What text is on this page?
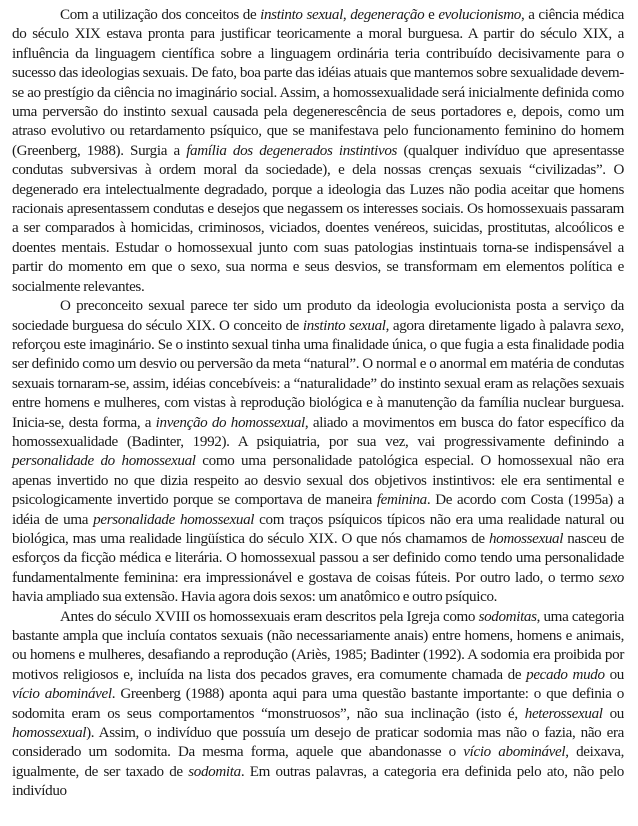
Com a utilização dos conceitos de instinto sexual, degeneração e evolucionismo, a ciência médica do século XIX estava pronta para justificar teoricamente a moral burguesa. A partir do século XIX, a influência da linguagem científica sobre a linguagem ordinária teria contribuído decisivamente para o sucesso das ideologias sexuais. De fato, boa parte das idéias atuais que mantemos sobre sexualidade devem-se ao prestígio da ciência no imaginário social. Assim, a homossexualidade será inicialmente definida como uma perversão do instinto sexual causada pela degenerescência de seus portadores e, depois, como um atraso evolutivo ou retardamento psíquico, que se manifestava pelo funcionamento feminino do homem (Greenberg, 1988). Surgia a família dos degenerados instintivos (qualquer indivíduo que apresentasse condutas subversivas à ordem moral da sociedade), e dela nossas crenças sexuais “civilizadas”. O degenerado era intelectualmente degradado, porque a ideologia das Luzes não podia aceitar que homens racionais apresentassem condutas e desejos que negassem os interesses sociais. Os homossexuais passaram a ser comparados à homicidas, criminosos, viciados, doentes venéreos, suicidas, prostitutas, alcoólicos e doentes mentais. Estudar o homossexual junto com suas patologias instintuais torna-se indispensável a partir do momento em que o sexo, sua norma e seus desvios, se transformam em elementos política e socialmente relevantes.

O preconceito sexual parece ter sido um produto da ideologia evolucionista posta a serviço da sociedade burguesa do século XIX. O conceito de instinto sexual, agora diretamente ligado à palavra sexo, reforçou este imaginário. Se o instinto sexual tinha uma finalidade única, o que fugia a esta finalidade podia ser definido como um desvio ou perversão da meta “natural”. O normal e o anormal em matéria de condutas sexuais tornaram-se, assim, idéias concebíveis: a “naturalidade” do instinto sexual eram as relações sexuais entre homens e mulheres, com vistas à reprodução biológica e à manutenção da família nuclear burguesa. Inicia-se, desta forma, a invenção do homossexual, aliado a movimentos em busca do fator específico da homossexualidade (Badinter, 1992). A psiquiatria, por sua vez, vai progressivamente definindo a personalidade do homossexual como uma personalidade patológica especial. O homossexual não era apenas invertido no que dizia respeito ao desvio sexual dos objetivos instintivos: ele era sentimental e psicologicamente invertido porque se comportava de maneira feminina. De acordo com Costa (1995a) a idéia de uma personalidade homossexual com traços psíquicos típicos não era uma realidade natural ou biológica, mas uma realidade lingüística do século XIX. O que nós chamamos de homossexual nasceu de esforços da ficção médica e literária. O homossexual passou a ser definido como tendo uma personalidade fundamentalmente feminina: era impressionável e gostava de coisas fúteis. Por outro lado, o termo sexo havia ampliado sua extensão. Havia agora dois sexos: um anatômico e outro psíquico.

Antes do século XVIII os homossexuais eram descritos pela Igreja como sodomitas, uma categoria bastante ampla que incluía contatos sexuais (não necessariamente anais) entre homens, homens e animais, ou homens e mulheres, desafiando a reprodução (Ariès, 1985; Badinter (1992). A sodomia era proibida por motivos religiosos e, incluída na lista dos pecados graves, era comumente chamada de pecado mudo ou vício abominável. Greenberg (1988) aponta aqui para uma questão bastante importante: o que definia o sodomita eram os seus comportamentos “monstruosos”, não sua inclinação (isto é, heterossexual ou homossexual). Assim, o indivíduo que possuía um desejo de praticar sodomia mas não o fazia, não era considerado um sodomita. Da mesma forma, aquele que abandonasse o vício abominável, deixava, igualmente, de ser taxado de sodomita. Em outras palavras, a categoria era definida pelo ato, não pelo indivíduo
